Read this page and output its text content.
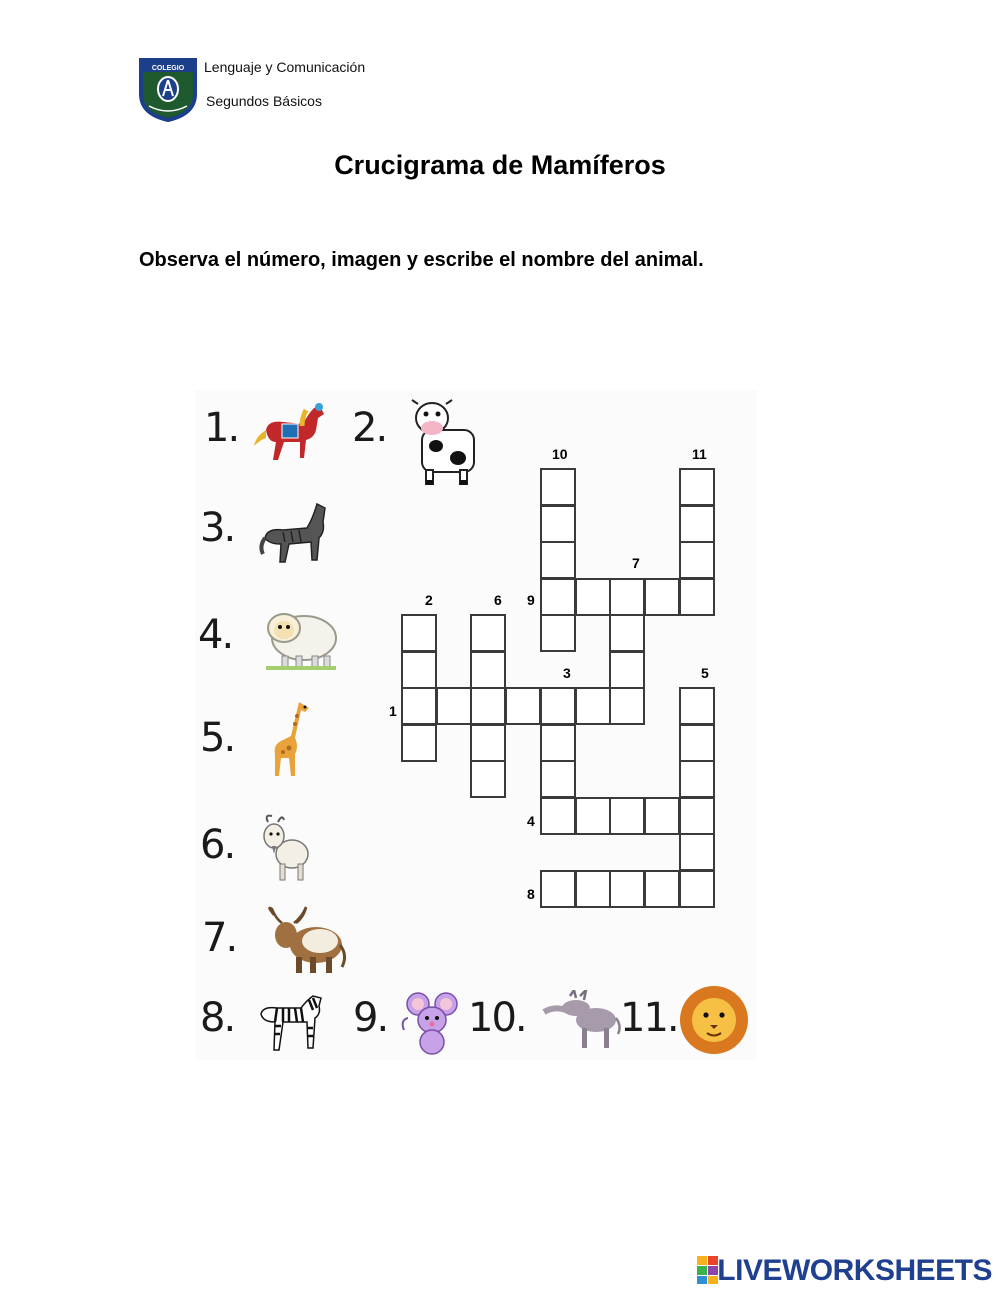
COLEGIO Lenguaje y Comunicación
Segundos Básicos
Crucigrama de Mamíferos
Observa el número, imagen y escribe el nombre del animal.
1.	2.
3.
4.
5.
6.
7.
8.	9. 10. 11.
10	11
7
9
2	6
3	5
1
4
8
LIVEWORKSHEETS
